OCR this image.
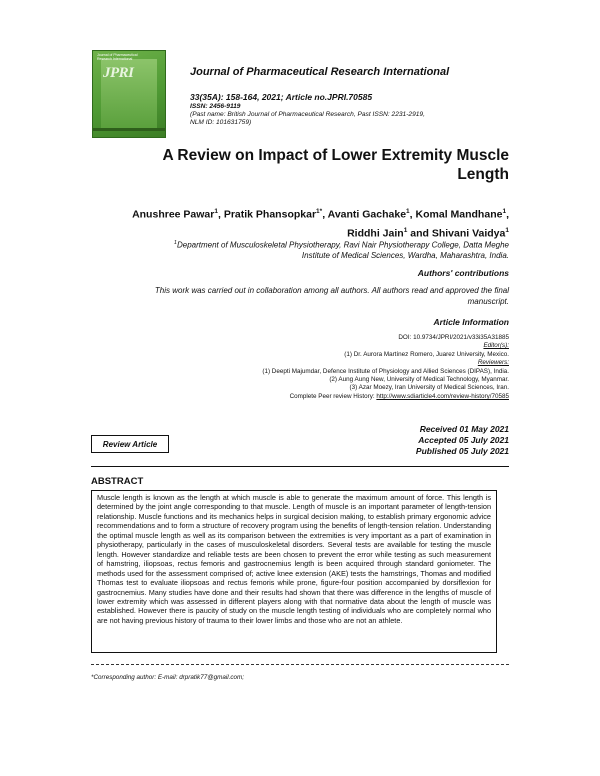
Journal of Pharmaceutical Research International
JPRI	Journal of Pharmaceutical Research International
33(35A): 158-164, 2021; Article no.JPRI.70585
ISSN: 2456-9119
(Past name: British Journal of Pharmaceutical Research, Past ISSN: 2231-2919,
NLM ID: 101631759)
A Review on Impact of Lower Extremity Muscle
Length
Anushree Pawar$^1$, Pratik Phansopkar$^{1*}$, Avanti Gachake$^1$, Komal Mandhane$^1$,
Riddhi Jain$^1$ and Shivani Vaidya$^1$
$^1$Department of Musculoskeletal Physiotherapy, Ravi Nair Physiotherapy College, Datta Meghe
Institute of Medical Sciences, Wardha, Maharashtra, India.
Authors' contributions
This work was carried out in collaboration among all authors. All authors read and approved the final
manuscript.
Article Information
DOI: 10.9734/JPRI/2021/v33i35A31885
Editor(s):
(1) Dr. Aurora Martínez Romero, Juarez University, Mexico.
Reviewers:
(1) Deepti Majumdar, Defence Institute of Physiology and Allied Sciences (DIPAS), India.
(2) Aung Aung New, University of Medical Technology, Myanmar.
(3) Azar Moezy, Iran University of Medical Sciences, Iran.
Complete Peer review History: http://www.sdiarticle4.com/review-history/70585
Review Article
Received 01 May 2021
Accepted 05 July 2021
Published 05 July 2021
ABSTRACT
Muscle length is known as the length at which muscle is able to generate the maximum amount of force. This length is determined by the joint angle corresponding to that muscle. Length of muscle is an important parameter of length-tension relationship. Muscle functions and its mechanics helps in surgical decision making, to establish primary ergonomic advice recommendations and to form a structure of recovery program using the benefits of length-tension relation. Understanding the optimal muscle length as well as its comparison between the extremities is very important as a part of examination in physiotherapy, particularly in the cases of musculoskeletal disorders. Several tests are available for testing the muscle length. However standardize and reliable tests are been chosen to prevent the error while testing as such measurement of hamstring, iliopsoas, rectus femoris and gastrocnemius length is been acquired through standard goniometer. The methods used for the assessment comprised of; active knee extension (AKE) tests the hamstrings, Thomas and modified Thomas test to evaluate iliopsoas and rectus femoris while prone, figure-four position accompanied by dorsiflexion for gastrocnemius. Many studies have done and their results had shown that there was difference in the lengths of muscle of lower extremity which was assessed in different players along with that normative data about the length of muscle was established. However there is paucity of study on the muscle length testing of individuals who are completely normal who are not having previous history of trauma to their lower limbs and those who are not an athlete.
*Corresponding author: E-mail: drpratik77@gmail.com;
